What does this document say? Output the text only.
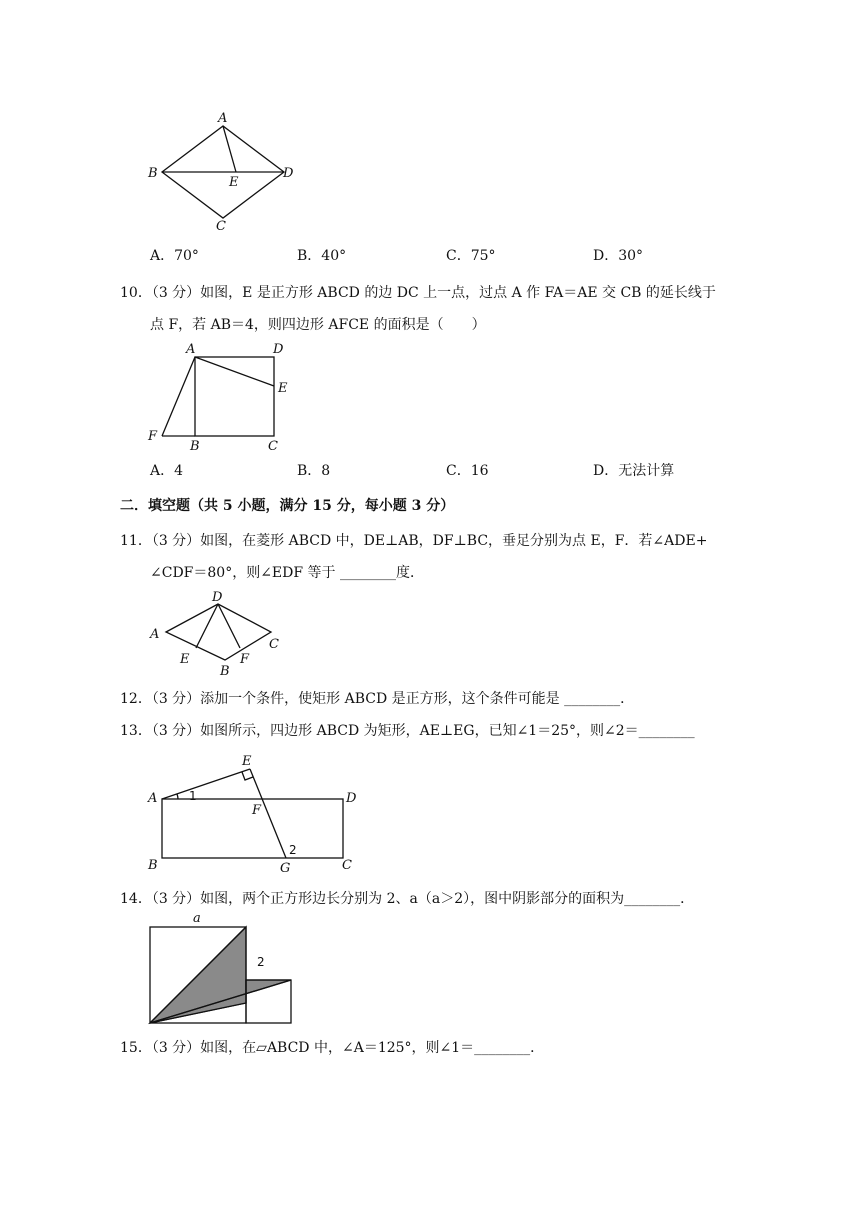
A
B
E
D
C
A．70°	B．40°	C．75°	D．30°
10．（3 分）如图，E 是正方形 ABCD 的边 DC 上一点，过点 A 作 FA＝AE 交 CB 的延长线于
点 F，若 AB＝4，则四边形 AFCE 的面积是（　　）
A	D
E
F
B	C
A．4	B．8	C．16	D．无法计算
二．填空题（共 5 小题，满分 15 分，每小题 3 分）
11．（3 分）如图，在菱形 ABCD 中，DE⊥AB，DF⊥BC，垂足分别为点 E，F．若∠ADE+
∠CDF＝80°，则∠EDF 等于 ________度．
D
A
C
E	F
B
12．（3 分）添加一个条件，使矩形 ABCD 是正方形，这个条件可能是 ________．
13．（3 分）如图所示，四边形 ABCD 为矩形，AE⊥EG，已知∠1＝25°，则∠2＝________
E
A	1	D
F
2
B	G	C
14．（3 分）如图，两个正方形边长分别为 2、a（a＞2），图中阴影部分的面积为________．
a
2
15．（3 分）如图，在▱ABCD 中，∠A＝125°，则∠1＝________．
